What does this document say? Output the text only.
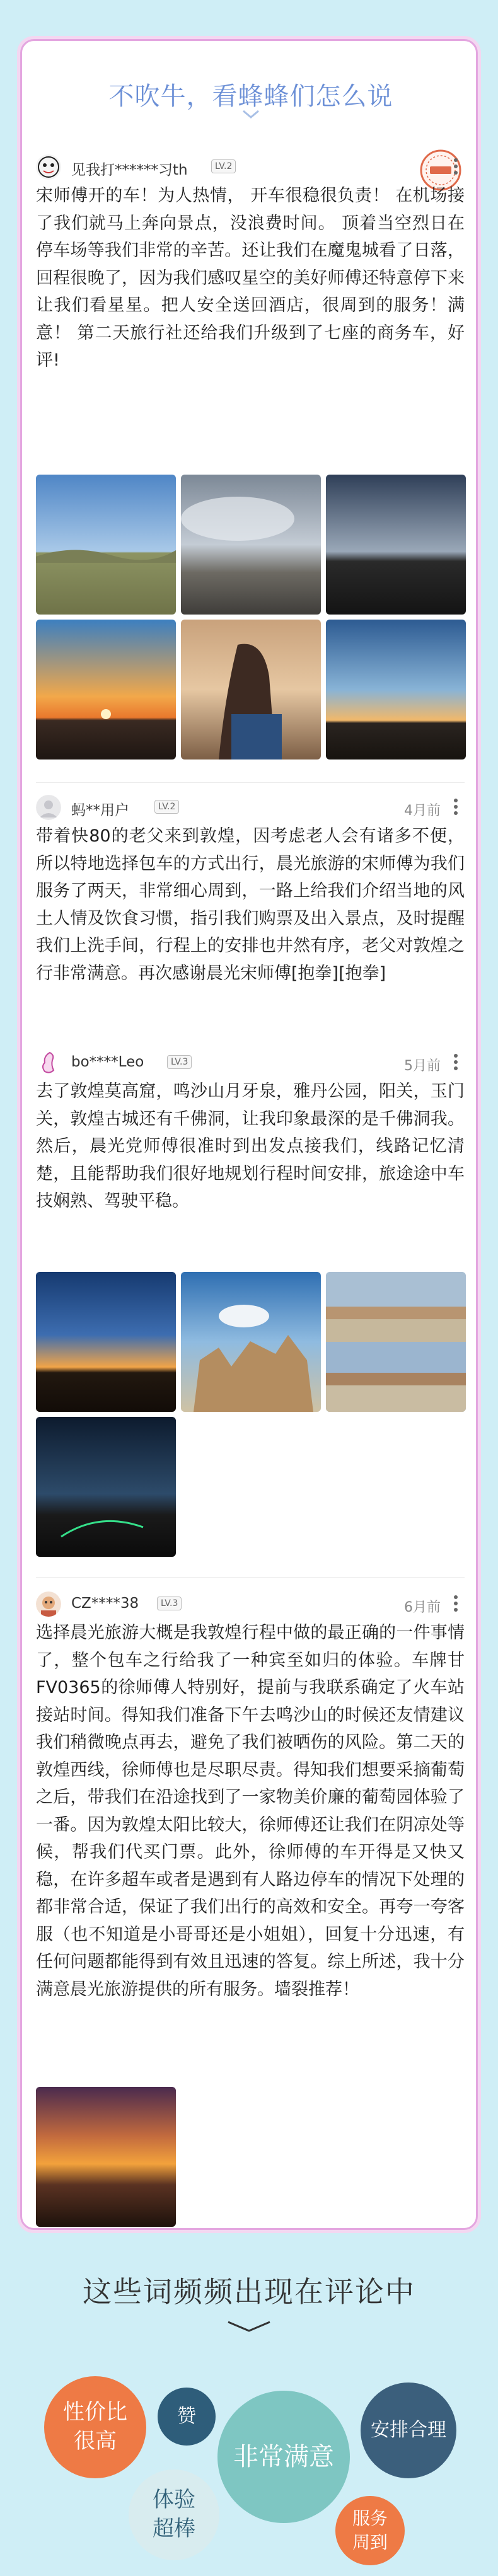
不吹牛，看蜂蜂们怎么说
见我打******习th	LV.2
宋师傅开的车！为人热情， 开车很稳很负责！ 在机场接了我们就马上奔向景点，没浪费时间。 顶着当空烈日在停车场等我们非常的辛苦。还让我们在魔鬼城看了日落，回程很晚了，因为我们感叹星空的美好师傅还特意停下来让我们看星星。把人安全送回酒店，很周到的服务！满意！ 第二天旅行社还给我们升级到了七座的商务车，好评!
蚂**用户	LV.2	4月前
带着快80的老父来到敦煌，因考虑老人会有诸多不便，所以特地选择包车的方式出行，晨光旅游的宋师傅为我们服务了两天，非常细心周到，一路上给我们介绍当地的风土人情及饮食习惯，指引我们购票及出入景点，及时提醒我们上洗手间，行程上的安排也井然有序，老父对敦煌之行非常满意。再次感谢晨光宋师傅[抱拳][抱拳]
bo****Leo	LV.3	5月前
去了敦煌莫高窟，鸣沙山月牙泉，雅丹公园，阳关，玉门关，敦煌古城还有千佛洞，让我印象最深的是千佛洞我。然后，晨光党师傅很准时到出发点接我们，线路记忆清楚，且能帮助我们很好地规划行程时间安排，旅途途中车技娴熟、驾驶平稳。
CZ****38	LV.3	6月前
选择晨光旅游大概是我敦煌行程中做的最正确的一件事情了，整个包车之行给我了一种宾至如归的体验。车牌甘FV0365的徐师傅人特别好，提前与我联系确定了火车站接站时间。得知我们准备下午去鸣沙山的时候还友情建议我们稍微晚点再去，避免了我们被晒伤的风险。第二天的敦煌西线，徐师傅也是尽职尽责。得知我们想要采摘葡萄之后，带我们在沿途找到了一家物美价廉的葡萄园体验了一番。因为敦煌太阳比较大，徐师傅还让我们在阴凉处等候，帮我们代买门票。此外，徐师傅的车开得是又快又稳，在许多超车或者是遇到有人路边停车的情况下处理的都非常合适，保证了我们出行的高效和安全。再夸一夸客服（也不知道是小哥哥还是小姐姐），回复十分迅速，有任何问题都能得到有效且迅速的答复。综上所述，我十分满意晨光旅游提供的所有服务。墙裂推荐！
这些词频频出现在评论中
性价比
很高
赞
非常满意
安排合理
体验
超棒	服务
周到
